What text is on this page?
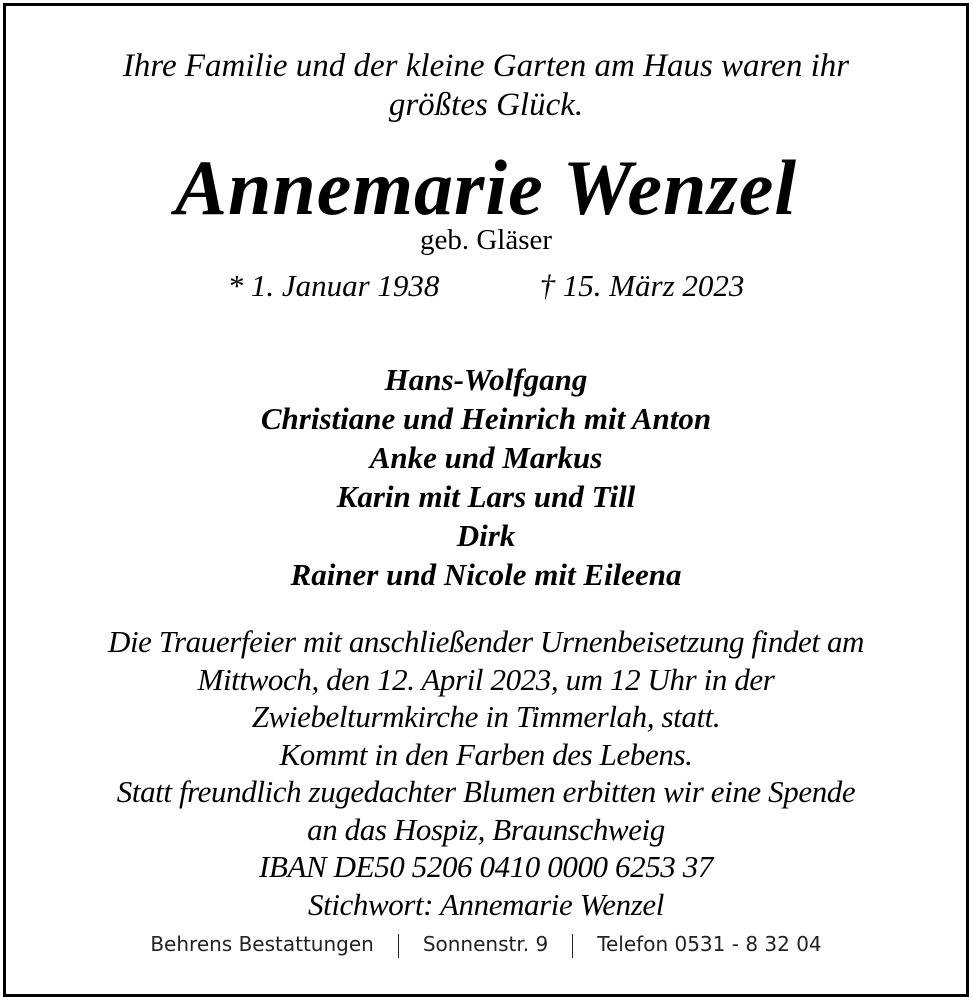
Ihre Familie und der kleine Garten am Haus waren ihr
größtes Glück.
Annemarie Wenzel
geb. Gläser
* 1. Januar 1938	† 15. März 2023
Hans-Wolfgang
Christiane und Heinrich mit Anton
Anke und Markus
Karin mit Lars und Till
Dirk
Rainer und Nicole mit Eileena
Die Trauerfeier mit anschließender Urnenbeisetzung findet am
Mittwoch, den 12. April 2023, um 12 Uhr in der
Zwiebelturmkirche in Timmerlah, statt.
Kommt in den Farben des Lebens.
Statt freundlich zugedachter Blumen erbitten wir eine Spende
an das Hospiz, Braunschweig
IBAN DE50 5206 0410 0000 6253 37
Stichwort: Annemarie Wenzel
Behrens Bestattungen Sonnenstr. 9 Telefon 0531 - 8 32 04
